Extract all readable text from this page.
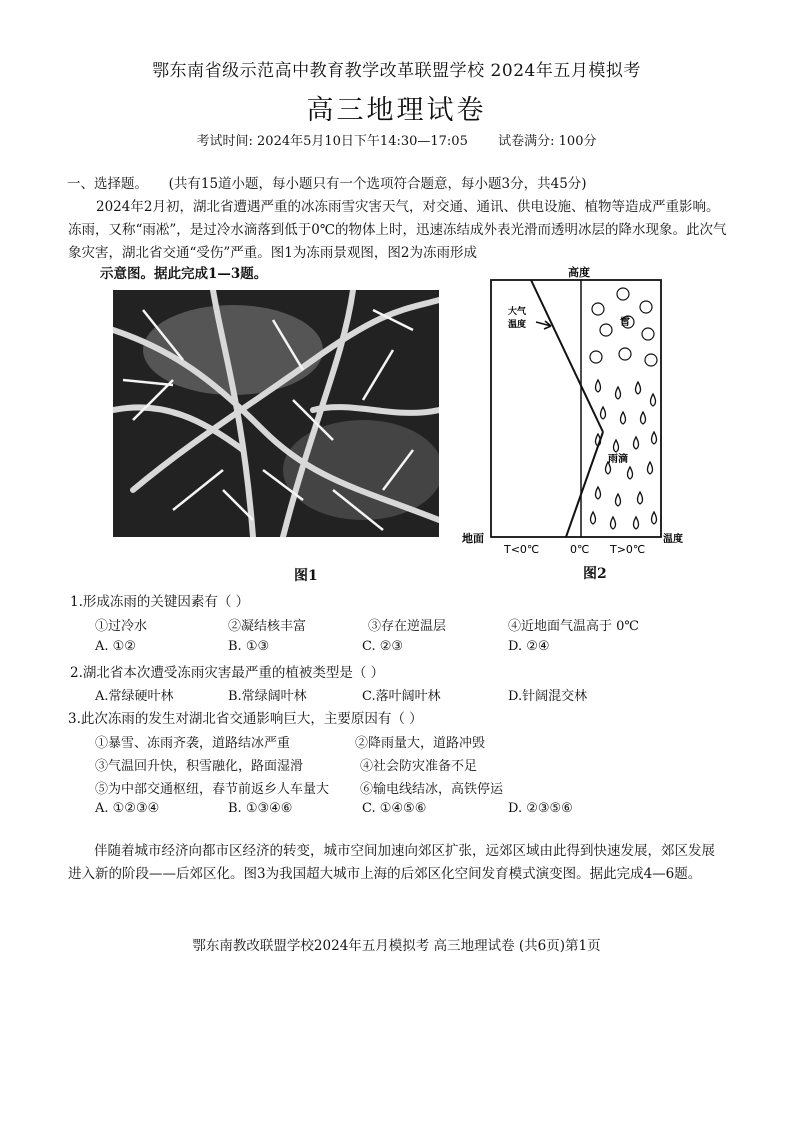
鄂东南省级示范高中教育教学改革联盟学校 2024年五月模拟考
高三地理试卷
考试时间: 2024年5月10日下午14:30—17:05 试卷满分: 100分
一、选择题。 (共有15道小题，每小题只有一个选项符合题意，每小题3分，共45分)
2024年2月初，湖北省遭遇严重的冰冻雨雪灾害天气，对交通、通讯、供电设施、植物等造成严重影响。冻雨，又称“雨凇”，是过冷水滴落到低于0℃的物体上时，迅速冻结成外表光滑而透明冰层的降水现象。此次气象灾害，湖北省交通“受伤”严重。图1为冻雨景观图，图2为冻雨形成
示意图。据此完成1—3题。	高度
大气温度	雪
雨滴
地面	温度
T<0℃	0℃ T>0℃
图1	图2
1.形成冻雨的关键因素有（ ）
①过冷水	②凝结核丰富	③存在逆温层	④近地面气温高于 0℃
A. ①②	B. ①③	C. ②③	D. ②④
2.湖北省本次遭受冻雨灾害最严重的植被类型是（ ）
A.常绿硬叶林	B.常绿阔叶林	C.落叶阔叶林	D.针阔混交林
3.此次冻雨的发生对湖北省交通影响巨大，主要原因有（ ）
①暴雪、冻雨齐袭，道路结冰严重	②降雨量大，道路冲毁
③气温回升快，积雪融化，路面湿滑	④社会防灾准备不足
⑤为中部交通枢纽，春节前返乡人车量大 ⑥输电线结冰，高铁停运
A. ①②③④	B. ①③④⑥	C. ①④⑤⑥	D. ②③⑤⑥
伴随着城市经济向都市区经济的转变，城市空间加速向郊区扩张，远郊区域由此得到快速发展，郊区发展进入新的阶段——后郊区化。图3为我国超大城市上海的后郊区化空间发育模式演变图。据此完成4—6题。
鄂东南教改联盟学校2024年五月模拟考 高三地理试卷 (共6页)第1页
